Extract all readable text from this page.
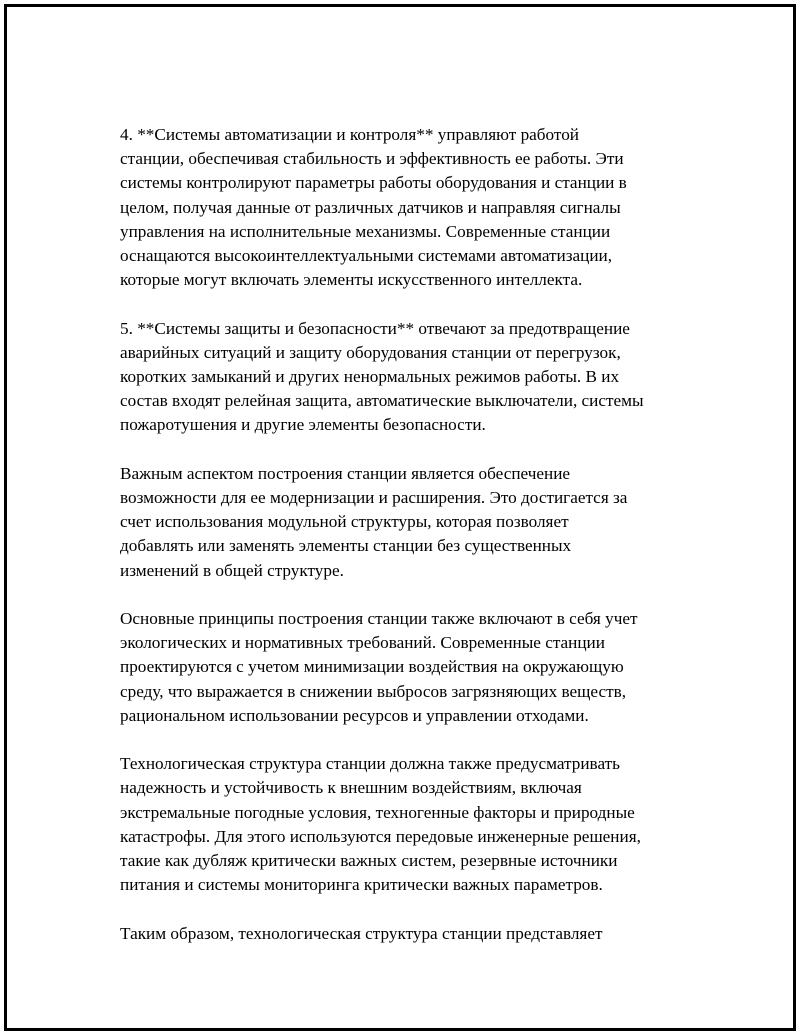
4. **Системы автоматизации и контроля** управляют работой
станции, обеспечивая стабильность и эффективность ее работы. Эти
системы контролируют параметры работы оборудования и станции в
целом, получая данные от различных датчиков и направляя сигналы
управления на исполнительные механизмы. Современные станции
оснащаются высокоинтеллектуальными системами автоматизации,
которые могут включать элементы искусственного интеллекта.

5. **Системы защиты и безопасности** отвечают за предотвращение
аварийных ситуаций и защиту оборудования станции от перегрузок,
коротких замыканий и других ненормальных режимов работы. В их
состав входят релейная защита, автоматические выключатели, системы
пожаротушения и другие элементы безопасности.

Важным аспектом построения станции является обеспечение
возможности для ее модернизации и расширения. Это достигается за
счет использования модульной структуры, которая позволяет
добавлять или заменять элементы станции без существенных
изменений в общей структуре.

Основные принципы построения станции также включают в себя учет
экологических и нормативных требований. Современные станции
проектируются с учетом минимизации воздействия на окружающую
среду, что выражается в снижении выбросов загрязняющих веществ,
рациональном использовании ресурсов и управлении отходами.

Технологическая структура станции должна также предусматривать
надежность и устойчивость к внешним воздействиям, включая
экстремальные погодные условия, техногенные факторы и природные
катастрофы. Для этого используются передовые инженерные решения,
такие как дубляж критически важных систем, резервные источники
питания и системы мониторинга критически важных параметров.

Таким образом, технологическая структура станции представляет
